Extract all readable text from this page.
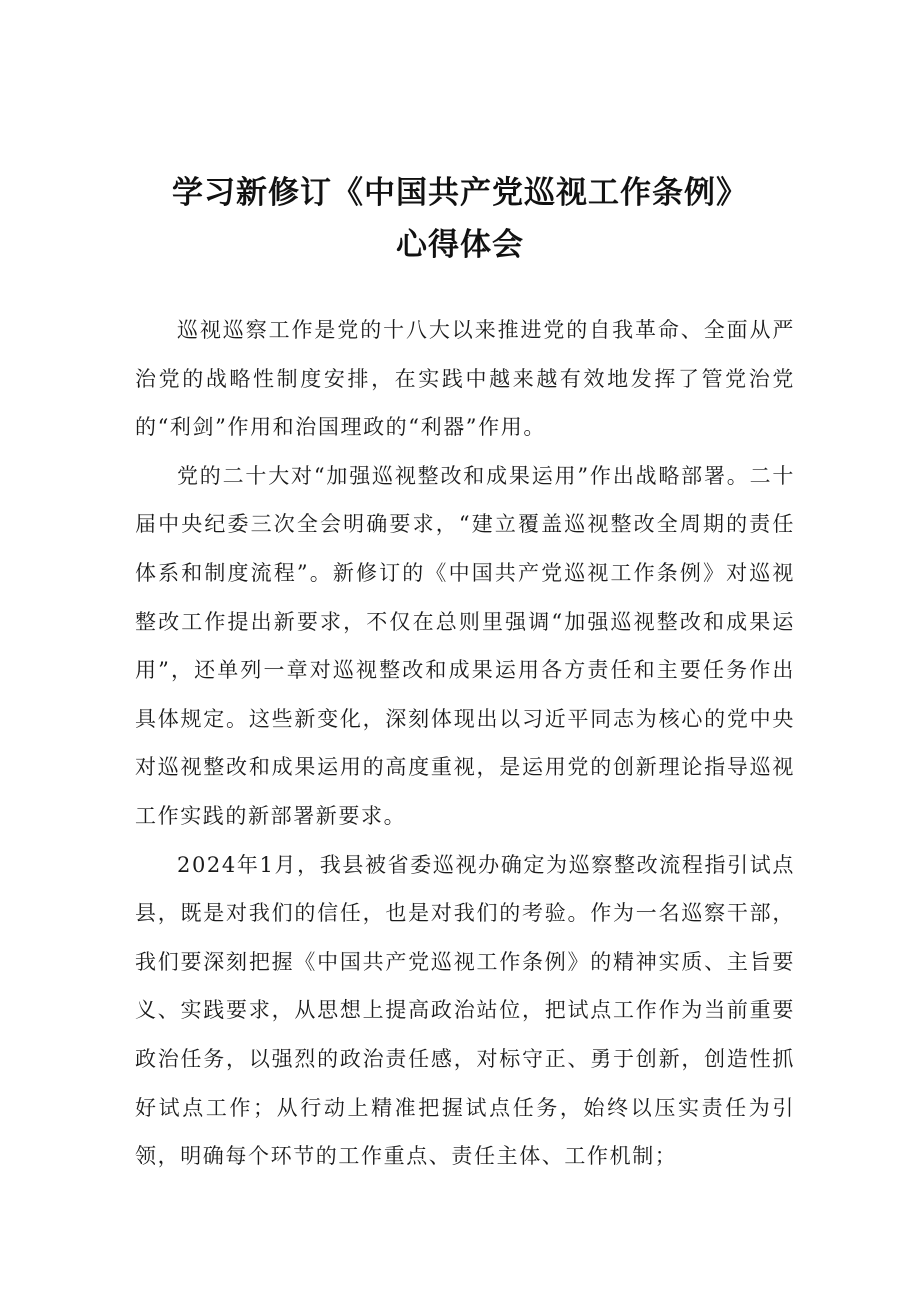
学习新修订《中国共产党巡视工作条例》
心得体会

巡视巡察工作是党的十八大以来推进党的自我革命、全面从严治党的战略性制度安排，在实践中越来越有效地发挥了管党治党的“利剑”作用和治国理政的“利器”作用。

党的二十大对“加强巡视整改和成果运用”作出战略部署。二十届中央纪委三次全会明确要求，“建立覆盖巡视整改全周期的责任体系和制度流程”。新修订的《中国共产党巡视工作条例》对巡视整改工作提出新要求，不仅在总则里强调“加强巡视整改和成果运用”，还单列一章对巡视整改和成果运用各方责任和主要任务作出具体规定。这些新变化，深刻体现出以习近平同志为核心的党中央对巡视整改和成果运用的高度重视，是运用党的创新理论指导巡视工作实践的新部署新要求。

2024年1月，我县被省委巡视办确定为巡察整改流程指引试点县，既是对我们的信任，也是对我们的考验。作为一名巡察干部，我们要深刻把握《中国共产党巡视工作条例》的精神实质、主旨要义、实践要求，从思想上提高政治站位，把试点工作作为当前重要政治任务，以强烈的政治责任感，对标守正、勇于创新，创造性抓好试点工作；从行动上精准把握试点任务，始终以压实责任为引领，明确每个环节的工作重点、责任主体、工作机制；
